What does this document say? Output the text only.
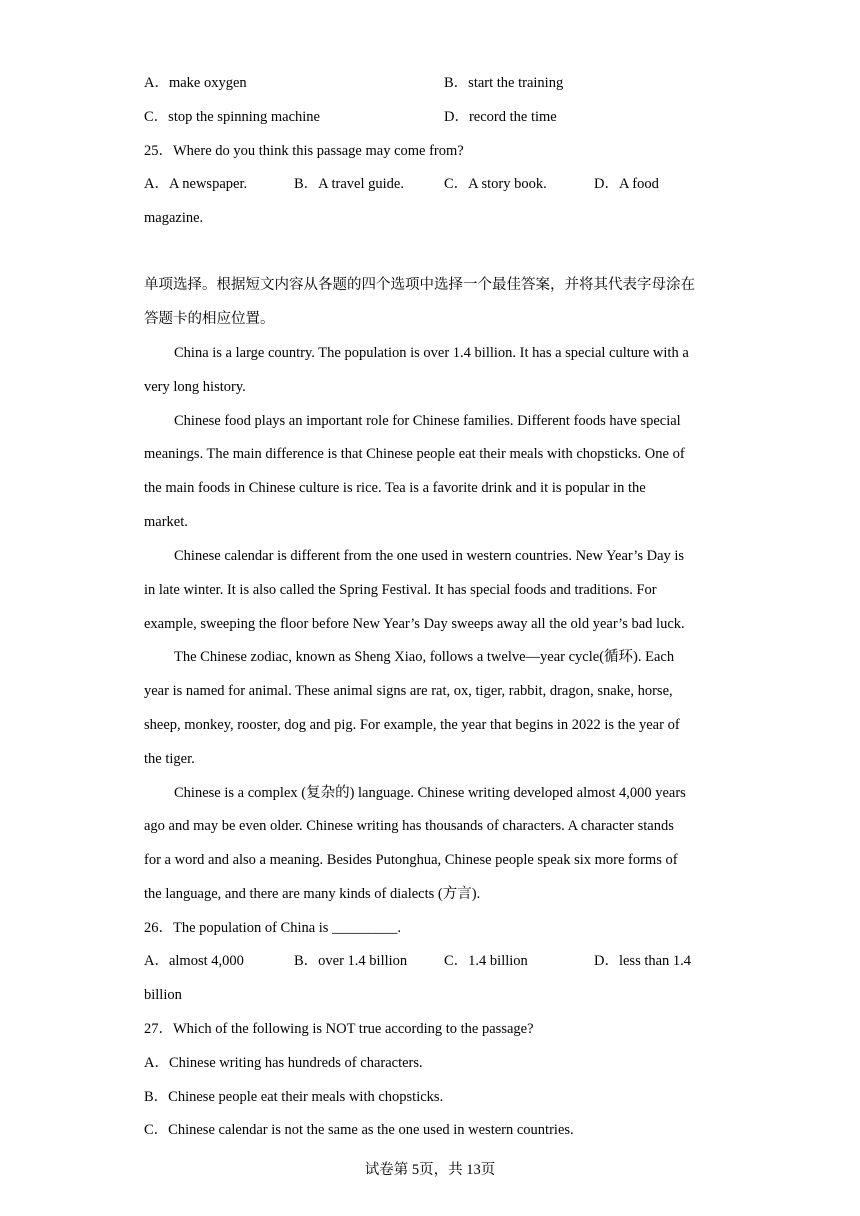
A．make oxygen	B．start the training
C．stop the spinning machine	D．record the time
25．Where do you think this passage may come from?
A．A newspaper.	B．A travel guide.	C．A story book.	D．A food
magazine.
单项选择。根据短文内容从各题的四个选项中选择一个最佳答案，并将其代表字母涂在
答题卡的相应位置。
China is a large country. The population is over 1.4 billion. It has a special culture with a
very long history.
Chinese food plays an important role for Chinese families. Different foods have special
meanings. The main difference is that Chinese people eat their meals with chopsticks. One of
the main foods in Chinese culture is rice. Tea is a favorite drink and it is popular in the
market.
Chinese calendar is different from the one used in western countries. New Year’s Day is
in late winter. It is also called the Spring Festival. It has special foods and traditions. For
example, sweeping the floor before New Year’s Day sweeps away all the old year’s bad luck.
The Chinese zodiac, known as Sheng Xiao, follows a twelve—year cycle(循环). Each
year is named for animal. These animal signs are rat, ox, tiger, rabbit, dragon, snake, horse,
sheep, monkey, rooster, dog and pig. For example, the year that begins in 2022 is the year of
the tiger.
Chinese is a complex (复杂的) language. Chinese writing developed almost 4,000 years
ago and may be even older. Chinese writing has thousands of characters. A character stands
for a word and also a meaning. Besides Putonghua, Chinese people speak six more forms of
the language, and there are many kinds of dialects (方言).
26．The population of China is _________.
A．almost 4,000	B．over 1.4 billion	C．1.4 billion	D．less than 1.4
billion
27．Which of the following is NOT true according to the passage?
A．Chinese writing has hundreds of characters.
B．Chinese people eat their meals with chopsticks.
C．Chinese calendar is not the same as the one used in western countries.
试卷第 5页，共 13页
